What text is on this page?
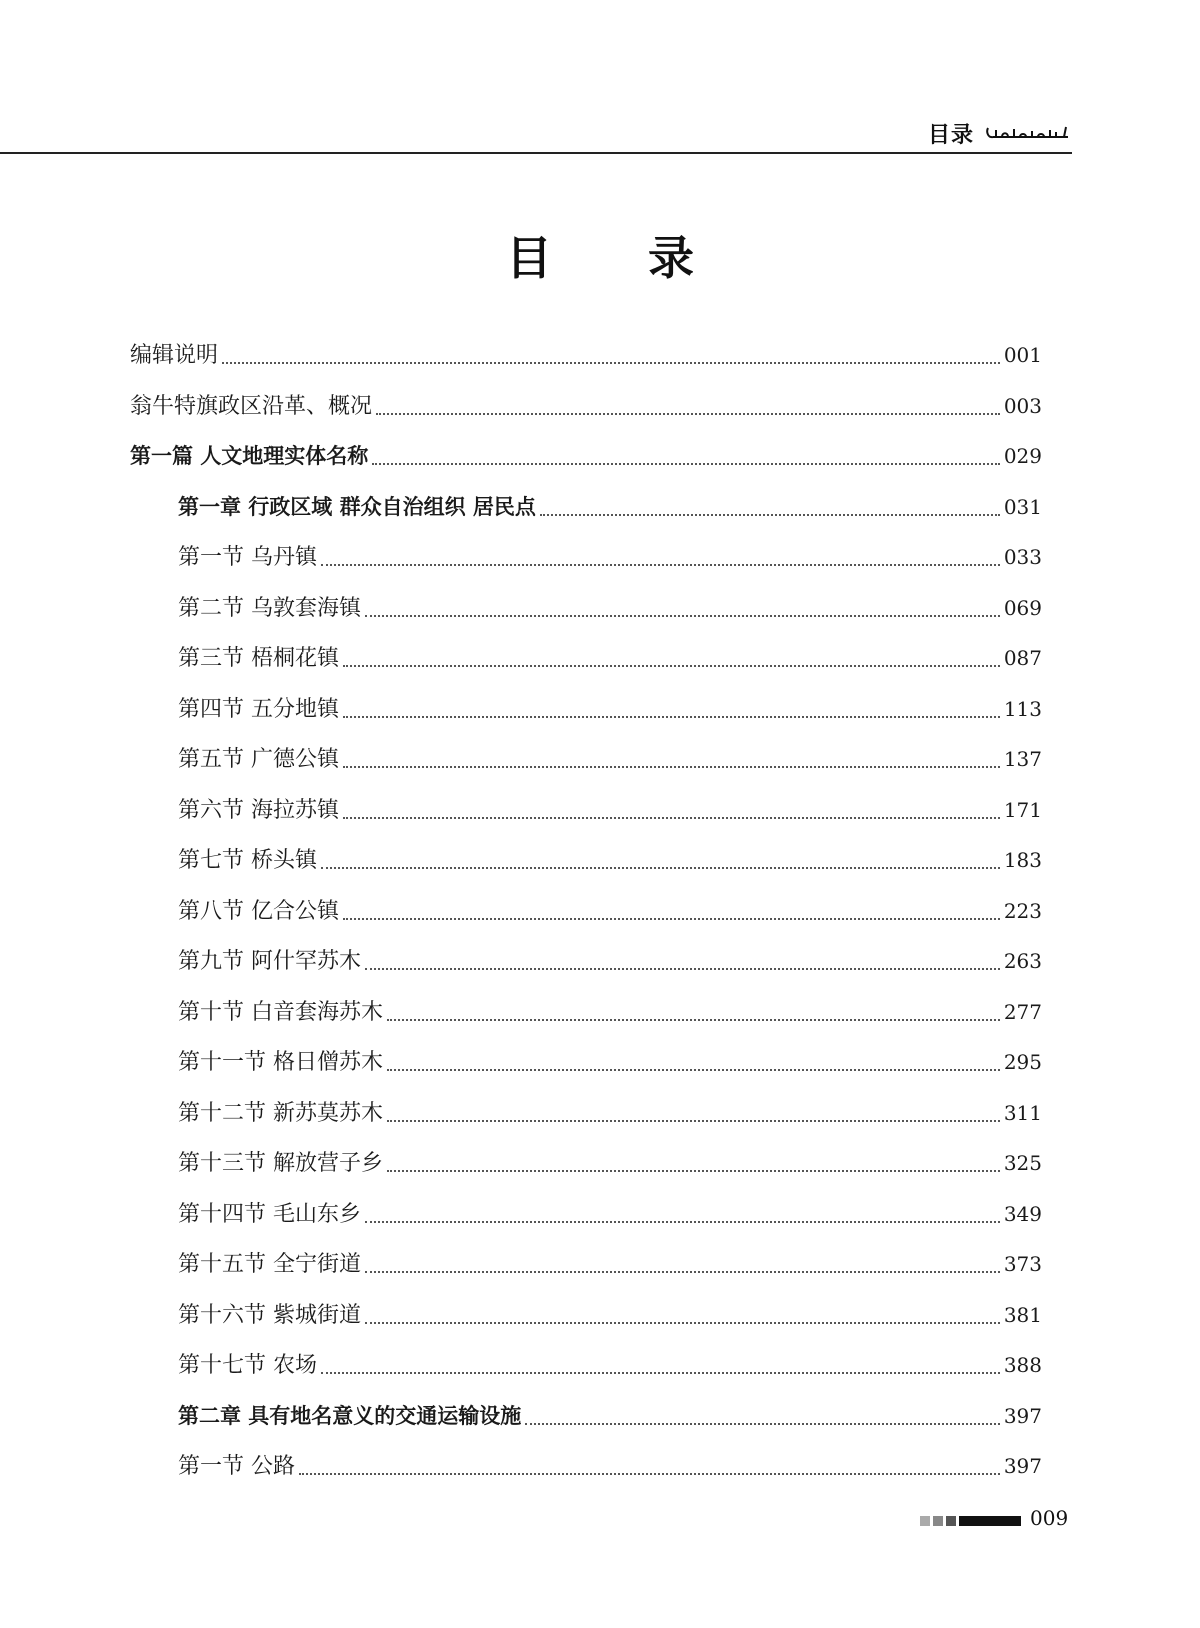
目录
目 录
编辑说明	001
翁牛特旗政区沿革、概况	003
第一篇 人文地理实体名称	029
第一章 行政区域 群众自治组织 居民点	031
第一节 乌丹镇	033
第二节 乌敦套海镇	069
第三节 梧桐花镇	087
第四节 五分地镇	113
第五节 广德公镇	137
第六节 海拉苏镇	171
第七节 桥头镇	183
第八节 亿合公镇	223
第九节 阿什罕苏木	263
第十节 白音套海苏木	277
第十一节 格日僧苏木	295
第十二节 新苏莫苏木	311
第十三节 解放营子乡	325
第十四节 毛山东乡	349
第十五节 全宁街道	373
第十六节 紫城街道	381
第十七节 农场	388
第二章 具有地名意义的交通运输设施	397
第一节 公路	397
009
